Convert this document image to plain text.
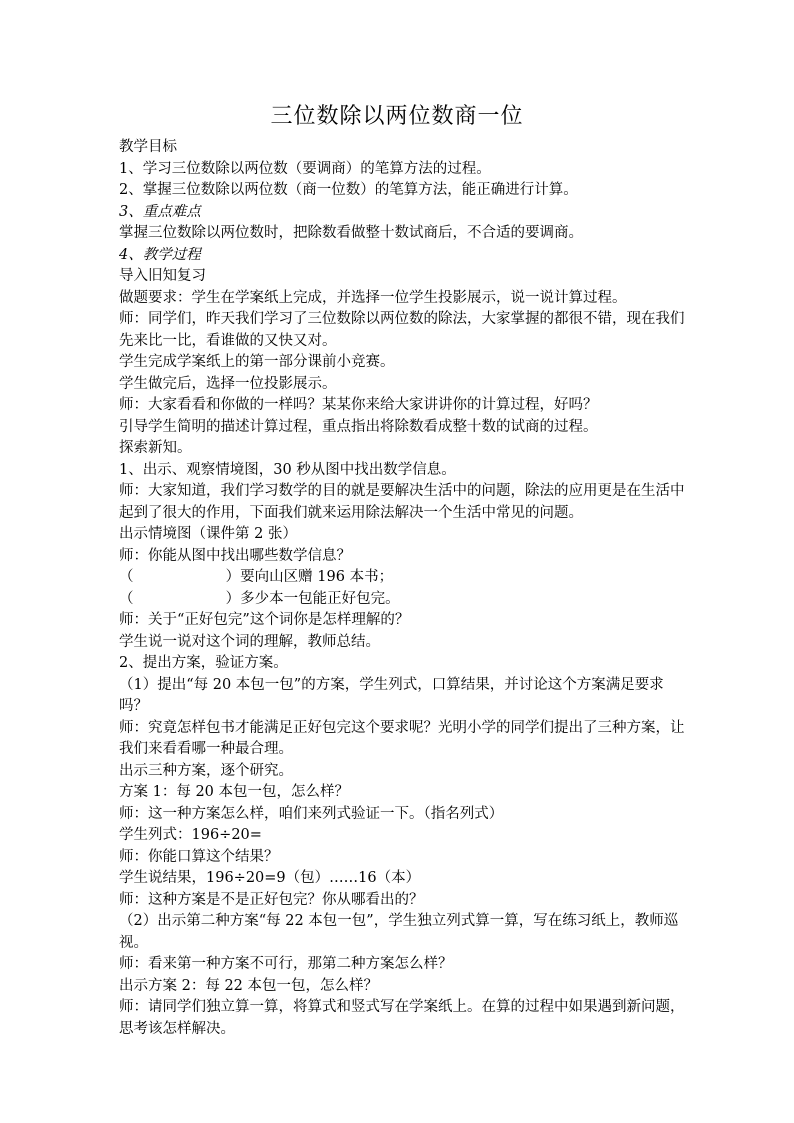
三位数除以两位数商一位

教学目标

1、学习三位数除以两位数（要调商）的笔算方法的过程。

2、掌握三位数除以两位数（商一位数）的笔算方法，能正确进行计算。

3、重点难点

掌握三位数除以两位数时，把除数看做整十数试商后，不合适的要调商。

4、教学过程

导入旧知复习

做题要求：学生在学案纸上完成，并选择一位学生投影展示，说一说计算过程。

师：同学们，昨天我们学习了三位数除以两位数的除法，大家掌握的都很不错，现在我们先来比一比，看谁做的又快又对。

学生完成学案纸上的第一部分课前小竞赛。

学生做完后，选择一位投影展示。

师：大家看看和你做的一样吗？某某你来给大家讲讲你的计算过程，好吗？

引导学生简明的描述计算过程，重点指出将除数看成整十数的试商的过程。

探索新知。

1、出示、观察情境图，30 秒从图中找出数学信息。

师：大家知道，我们学习数学的目的就是要解决生活中的问题，除法的应用更是在生活中起到了很大的作用，下面我们就来运用除法解决一个生活中常见的问题。

出示情境图（课件第 2 张）

师：你能从图中找出哪些数学信息？

（                    ）要向山区赠 196 本书；

（                    ）多少本一包能正好包完。

师：关于“正好包完”这个词你是怎样理解的？

学生说一说对这个词的理解，教师总结。

2、提出方案，验证方案。

（1）提出“每 20 本包一包”的方案，学生列式，口算结果，并讨论这个方案满足要求吗？

师：究竟怎样包书才能满足正好包完这个要求呢？光明小学的同学们提出了三种方案，让我们来看看哪一种最合理。

出示三种方案，逐个研究。

方案 1：每 20 本包一包，怎么样？

师：这一种方案怎么样，咱们来列式验证一下。（指名列式）

学生列式：196÷20=

师：你能口算这个结果？

学生说结果，196÷20=9（包）……16（本）

师：这种方案是不是正好包完？你从哪看出的？

（2）出示第二种方案“每 22 本包一包”，学生独立列式算一算，写在练习纸上，教师巡视。

师：看来第一种方案不可行，那第二种方案怎么样？

出示方案 2：每 22 本包一包，怎么样？

师：请同学们独立算一算，将算式和竖式写在学案纸上。在算的过程中如果遇到新问题，思考该怎样解决。
